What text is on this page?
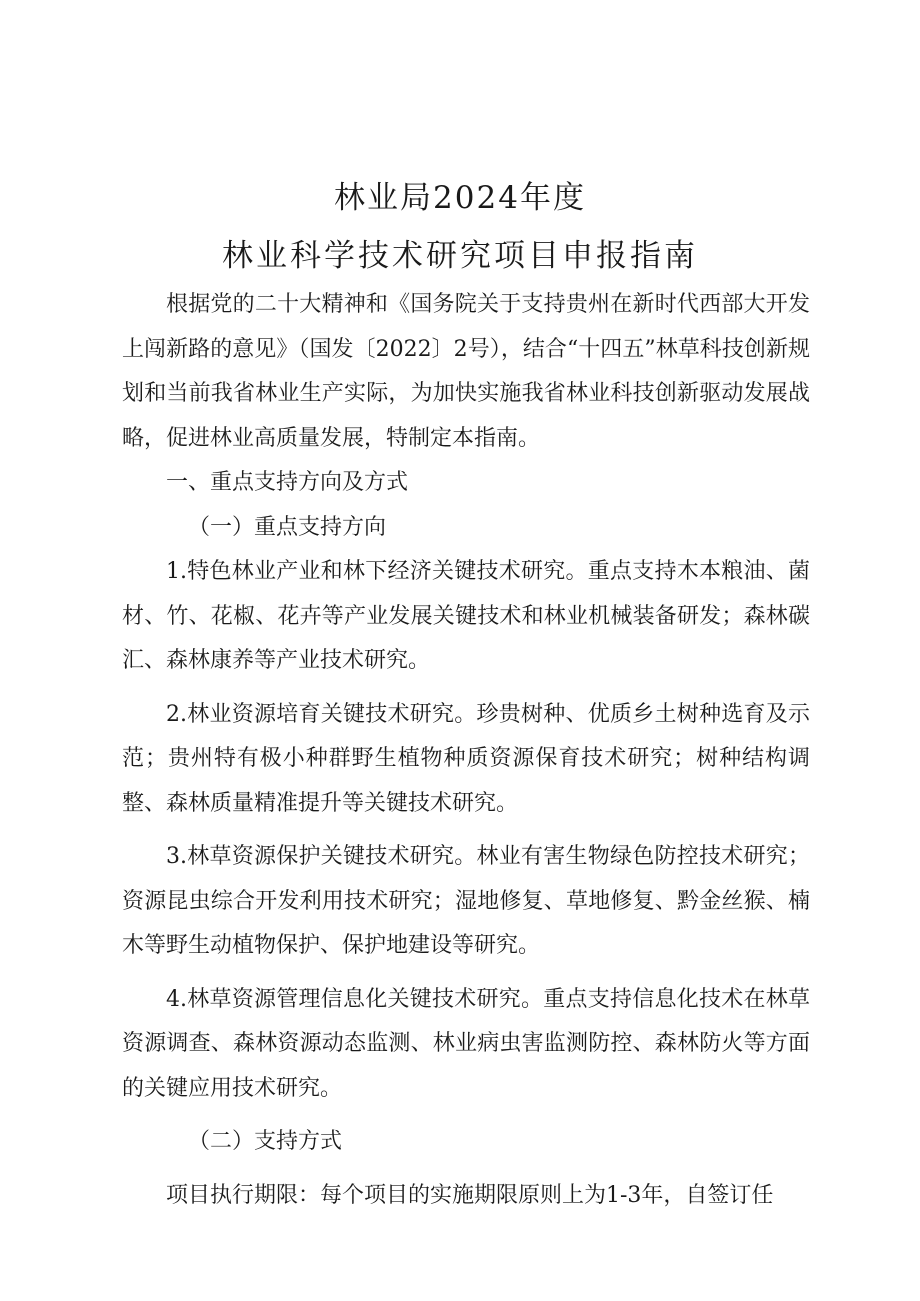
林业局2024年度
林业科学技术研究项目申报指南

根据党的二十大精神和《国务院关于支持贵州在新时代西部大开发上闯新路的意见》（国发〔2022〕2号），结合“十四五”林草科技创新规划和当前我省林业生产实际，为加快实施我省林业科技创新驱动发展战略，促进林业高质量发展，特制定本指南。

一、重点支持方向及方式

（一）重点支持方向

1.特色林业产业和林下经济关键技术研究。重点支持木本粮油、菌材、竹、花椒、花卉等产业发展关键技术和林业机械装备研发；森林碳汇、森林康养等产业技术研究。

2.林业资源培育关键技术研究。珍贵树种、优质乡土树种选育及示范；贵州特有极小种群野生植物种质资源保育技术研究；树种结构调整、森林质量精准提升等关键技术研究。

3.林草资源保护关键技术研究。林业有害生物绿色防控技术研究；资源昆虫综合开发利用技术研究；湿地修复、草地修复、黔金丝猴、楠木等野生动植物保护、保护地建设等研究。

4.林草资源管理信息化关键技术研究。重点支持信息化技术在林草资源调查、森林资源动态监测、林业病虫害监测防控、森林防火等方面的关键应用技术研究。

（二）支持方式

项目执行期限：每个项目的实施期限原则上为1-3年，自签订任
